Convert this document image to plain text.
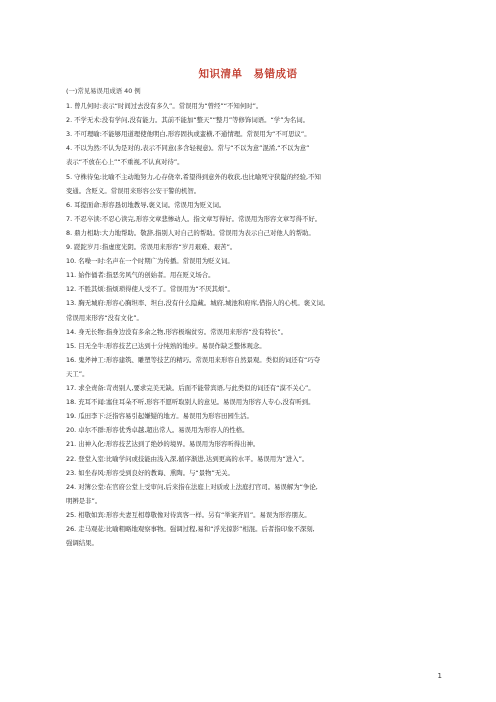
知识清单　易错成语
(一)常见易误用成语 40 例
1. 曾几何时:表示“时间过去没有多久”。常误用为“曾经”“不知何时”。
2. 不学无术:没有学问,没有能力。其前不能加“整天”“整月”等修饰词语。“学”为名词。
3. 不可理喻:不能够用道理使他明白,形容固执或蛮横,不通情理。常误用为“不可思议”。
4. 不以为然:不认为是对的,表示不同意(多含轻视意)。常与“不以为意”混淆,“不以为意”
表示“不放在心上”“不重视,不认真对待”。
5. 守株待兔:比喻不主动地努力,心存侥幸,希望得到意外的收获,也比喻死守狭隘的经验,不知
变通。含贬义。常误用来形容公安干警的机智。
6. 耳提面命:形容恳切地教导,褒义词。常误用为贬义词。
7. 不忍卒读:不忍心读完,形容文章悲惨动人。指文章写得好。常误用为形容文章写得不好。
8. 鼎力相助:大力地帮助。敬辞,指别人对自己的帮助。常误用为表示自己对他人的帮助。
9. 蹉跎岁月:指虚度光阴。常误用来形容“岁月艰难、艰苦”。
10. 名噪一时:名声在一个时期广为传播。常误用为贬义词。
11. 始作俑者:指恶劣风气的创始者。用在贬义场合。
12. 不胜其烦:指烦琐得使人受不了。常误用为“不厌其烦”。
13. 胸无城府:形容心胸坦率、坦白,没有什么隐藏。城府,城池和府库,借指人的心机。褒义词。
常误用来形容“没有文化”。
14. 身无长物:指身边没有多余之物,形容极端贫穷。常误用来形容“没有特长”。
15. 目无全牛:形容技艺已达到十分纯熟的地步。易误作缺乏整体观念。
16. 鬼斧神工:形容建筑、雕塑等技艺的精巧。常误用来形容自然景观。类似的词还有“巧夺
天工”。
17. 求全责备:苛责别人,要求完美无缺。后面不能带宾语,与此类似的词还有“漠不关心”。
18. 充耳不闻:塞住耳朵不听,形容不愿听取别人的意见。易误用为形容人专心,没有听到。
19. 瓜田李下:泛指容易引起嫌疑的地方。易误用为形容田园生活。
20. 卓尔不群:形容优秀卓越,超出常人。易误用为形容人的性格。
21. 出神入化:形容技艺达到了绝妙的境界。易误用为形容听得出神。
22. 登堂入室:比喻学问或技能由浅入深,循序渐进,达到更高的水平。易误用为“进入”。
23. 如坐春风:形容受到良好的教诲、熏陶。与“景物”无关。
24. 对簿公堂:在官府公堂上受审问,后来指在法庭上对质或上法庭打官司。易误解为“争论,
明辨是非”。
25. 相敬如宾:形容夫妻互相尊敬像对待宾客一样。另有“举案齐眉”。易误为形容朋友。
26. 走马观花:比喻粗略地观察事物。强调过程,易和“浮光掠影”相混。后者指印象不深刻,
强调结果。
1
